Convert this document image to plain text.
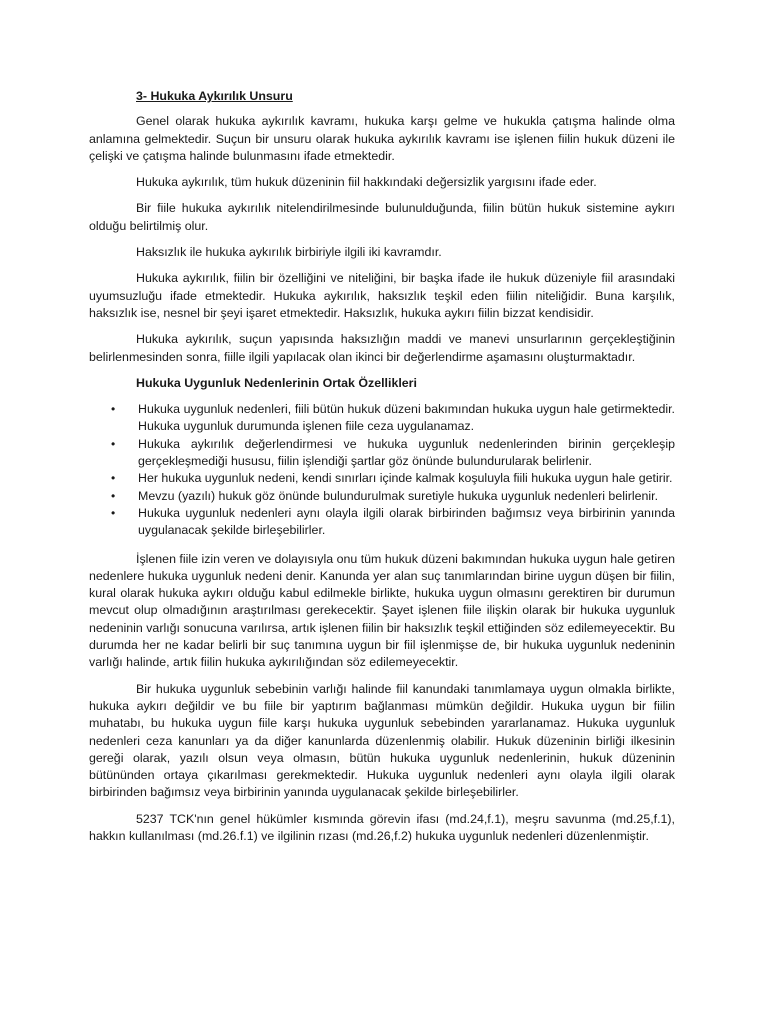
3- Hukuka Aykırılık Unsuru

Genel olarak hukuka aykırılık kavramı, hukuka karşı gelme ve hukukla çatışma halinde olma anlamına gelmektedir. Suçun bir unsuru olarak hukuka aykırılık kavramı ise işlenen fiilin hukuk düzeni ile çelişki ve çatışma halinde bulunmasını ifade etmektedir.

Hukuka aykırılık, tüm hukuk düzeninin fiil hakkındaki değersizlik yargısını ifade eder.

Bir fiile hukuka aykırılık nitelendirilmesinde bulunulduğunda, fiilin bütün hukuk sistemine aykırı olduğu belirtilmiş olur.

Haksızlık ile hukuka aykırılık birbiriyle ilgili iki kavramdır.

Hukuka aykırılık, fiilin bir özelliğini ve niteliğini, bir başka ifade ile hukuk düzeniyle fiil arasındaki uyumsuzluğu ifade etmektedir. Hukuka aykırılık, haksızlık teşkil eden fiilin niteliğidir. Buna karşılık, haksızlık ise, nesnel bir şeyi işaret etmektedir. Haksızlık, hukuka aykırı fiilin bizzat kendisidir.

Hukuka aykırılık, suçun yapısında haksızlığın maddi ve manevi unsurlarının gerçekleştiğinin belirlenmesinden sonra, fiille ilgili yapılacak olan ikinci bir değerlendirme aşamasını oluşturmaktadır.

Hukuka Uygunluk Nedenlerinin Ortak Özellikleri
• Hukuka uygunluk nedenleri, fiili bütün hukuk düzeni bakımından hukuka uygun hale getirmektedir. Hukuka uygunluk durumunda işlenen fiile ceza uygulanamaz.
• Hukuka aykırılık değerlendirmesi ve hukuka uygunluk nedenlerinden birinin gerçekleşip gerçekleşmediği hususu, fiilin işlendiği şartlar göz önünde bulundurularak belirlenir.
• Her hukuka uygunluk nedeni, kendi sınırları içinde kalmak koşuluyla fiili hukuka uygun hale getirir.
• Mevzu (yazılı) hukuk göz önünde bulundurulmak suretiyle hukuka uygunluk nedenleri belirlenir.
• Hukuka uygunluk nedenleri aynı olayla ilgili olarak birbirinden bağımsız veya birbirinin yanında uygulanacak şekilde birleşebilirler.

İşlenen fiile izin veren ve dolayısıyla onu tüm hukuk düzeni bakımından hukuka uygun hale getiren nedenlere hukuka uygunluk nedeni denir. Kanunda yer alan suç tanımlarından birine uygun düşen bir fiilin, kural olarak hukuka aykırı olduğu kabul edilmekle birlikte, hukuka uygun olmasını gerektiren bir durumun mevcut olup olmadığının araştırılması gerekecektir. Şayet işlenen fiile ilişkin olarak bir hukuka uygunluk nedeninin varlığı sonucuna varılırsa, artık işlenen fiilin bir haksızlık teşkil ettiğinden söz edilemeyecektir. Bu durumda her ne kadar belirli bir suç tanımına uygun bir fiil işlenmişse de, bir hukuka uygunluk nedeninin varlığı halinde, artık fiilin hukuka aykırılığından söz edilemeyecektir.

Bir hukuka uygunluk sebebinin varlığı halinde fiil kanundaki tanımlamaya uygun olmakla birlikte, hukuka aykırı değildir ve bu fiile bir yaptırım bağlanması mümkün değildir. Hukuka uygun bir fiilin muhatabı, bu hukuka uygun fiile karşı hukuka uygunluk sebebinden yararlanamaz. Hukuka uygunluk nedenleri ceza kanunları ya da diğer kanunlarda düzenlenmiş olabilir. Hukuk düzeninin birliği ilkesinin gereği olarak, yazılı olsun veya olmasın, bütün hukuka uygunluk nedenlerinin, hukuk düzeninin bütününden ortaya çıkarılması gerekmektedir. Hukuka uygunluk nedenleri aynı olayla ilgili olarak birbirinden bağımsız veya birbirinin yanında uygulanacak şekilde birleşebilirler.

5237 TCK'nın genel hükümler kısmında görevin ifası (md.24,f.1), meşru savunma (md.25,f.1), hakkın kullanılması (md.26.f.1) ve ilgilinin rızası (md.26,f.2) hukuka uygunluk nedenleri düzenlenmiştir.
